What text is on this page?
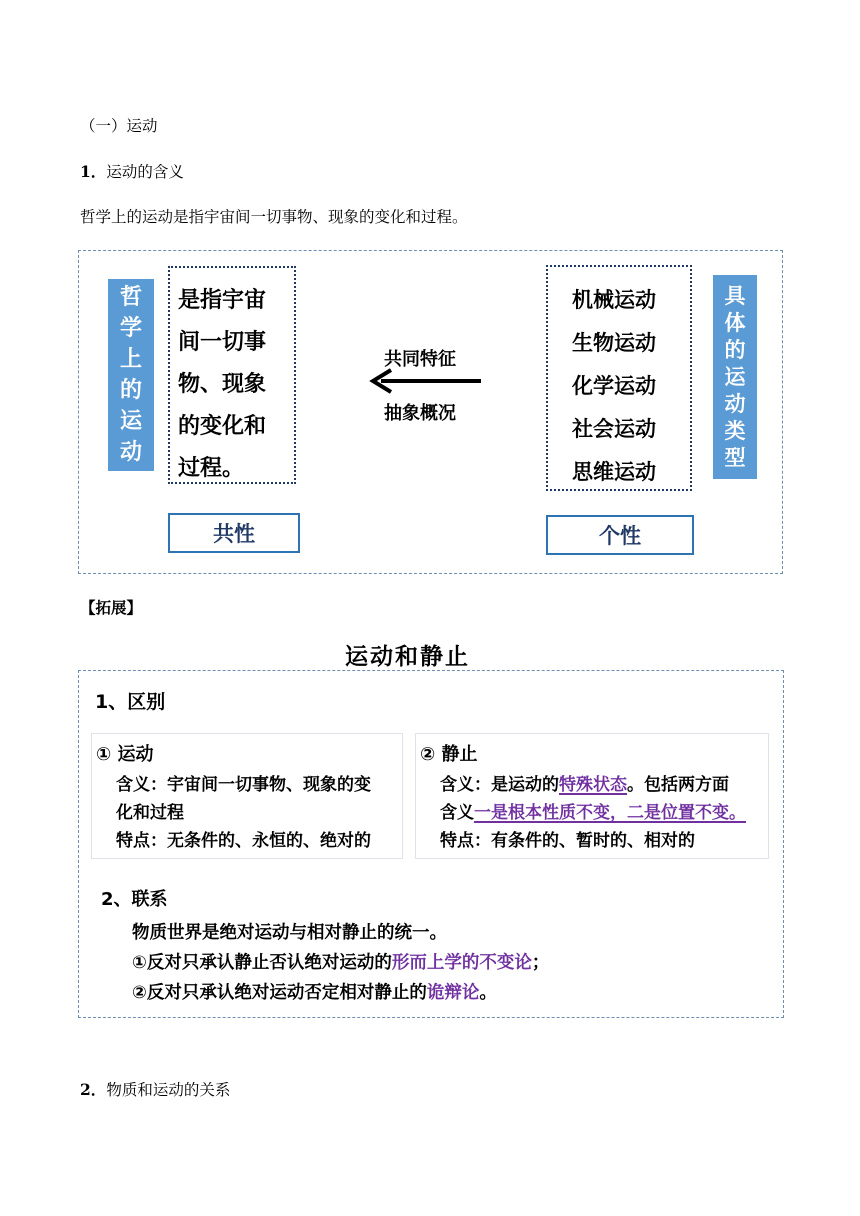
（一）运动
1．运动的含义
哲学上的运动是指宇宙间一切事物、现象的变化和过程。
哲
学
上
的
运
动
是指宇宙
间一切事
物、现象
的变化和
过程。
共同特征
抽象概况
机械运动
生物运动
化学运动
社会运动
思维运动
具
体
的
运
动
类
型
共性	个性
【拓展】
运动和静止
1、区别
① 运动
含义：宇宙间一切事物、现象的变
化和过程
特点：无条件的、永恒的、绝对的
② 静止
含义：是运动的特殊状态。包括两方面
含义一是根本性质不变，二是位置不变。
特点：有条件的、暂时的、相对的
2、联系
物质世界是绝对运动与相对静止的统一。
①反对只承认静止否认绝对运动的形而上学的不变论；
②反对只承认绝对运动否定相对静止的诡辩论。
2．物质和运动的关系
